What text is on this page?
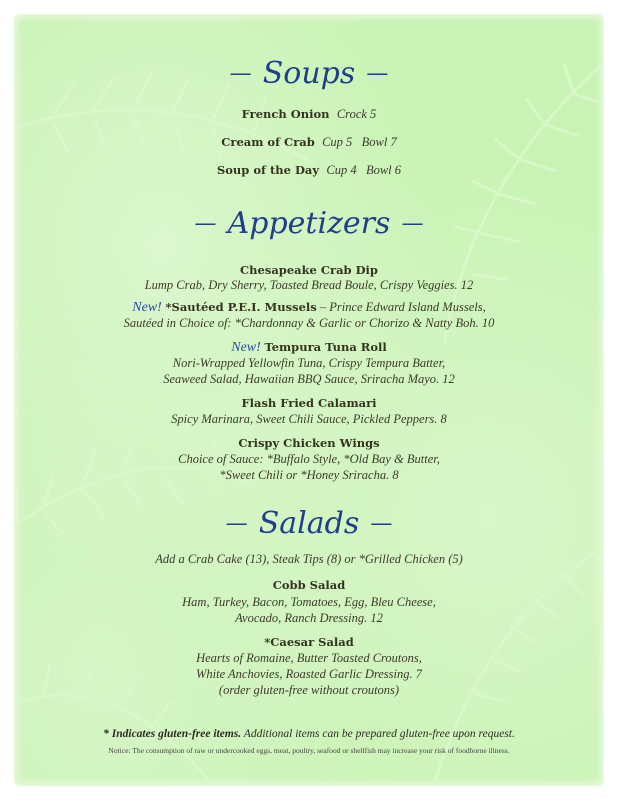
— Soups —
French Onion Crock 5
Cream of Crab Cup 5   Bowl 7
Soup of the Day Cup 4   Bowl 6
— Appetizers —
Chesapeake Crab Dip
Lump Crab, Dry Sherry, Toasted Bread Boule, Crispy Veggies. 12
New! *Sautéed P.E.I. Mussels – Prince Edward Island Mussels,
Sautéed in Choice of: *Chardonnay & Garlic or Chorizo & Natty Boh. 10
New! Tempura Tuna Roll
Nori-Wrapped Yellowfin Tuna, Crispy Tempura Batter,
Seaweed Salad, Hawaiian BBQ Sauce, Sriracha Mayo. 12
Flash Fried Calamari
Spicy Marinara, Sweet Chili Sauce, Pickled Peppers. 8
Crispy Chicken Wings
Choice of Sauce: *Buffalo Style, *Old Bay & Butter,
*Sweet Chili or *Honey Sriracha. 8
— Salads —
Add a Crab Cake (13), Steak Tips (8) or *Grilled Chicken (5)
Cobb Salad
Ham, Turkey, Bacon, Tomatoes, Egg, Bleu Cheese,
Avocado, Ranch Dressing. 12
*Caesar Salad
Hearts of Romaine, Butter Toasted Croutons,
White Anchovies, Roasted Garlic Dressing. 7
(order gluten-free without croutons)
* Indicates gluten-free items. Additional items can be prepared gluten-free upon request.
Notice: The consumption of raw or undercooked eggs, meat, poultry, seafood or shellfish may increase your risk of foodborne illness.
